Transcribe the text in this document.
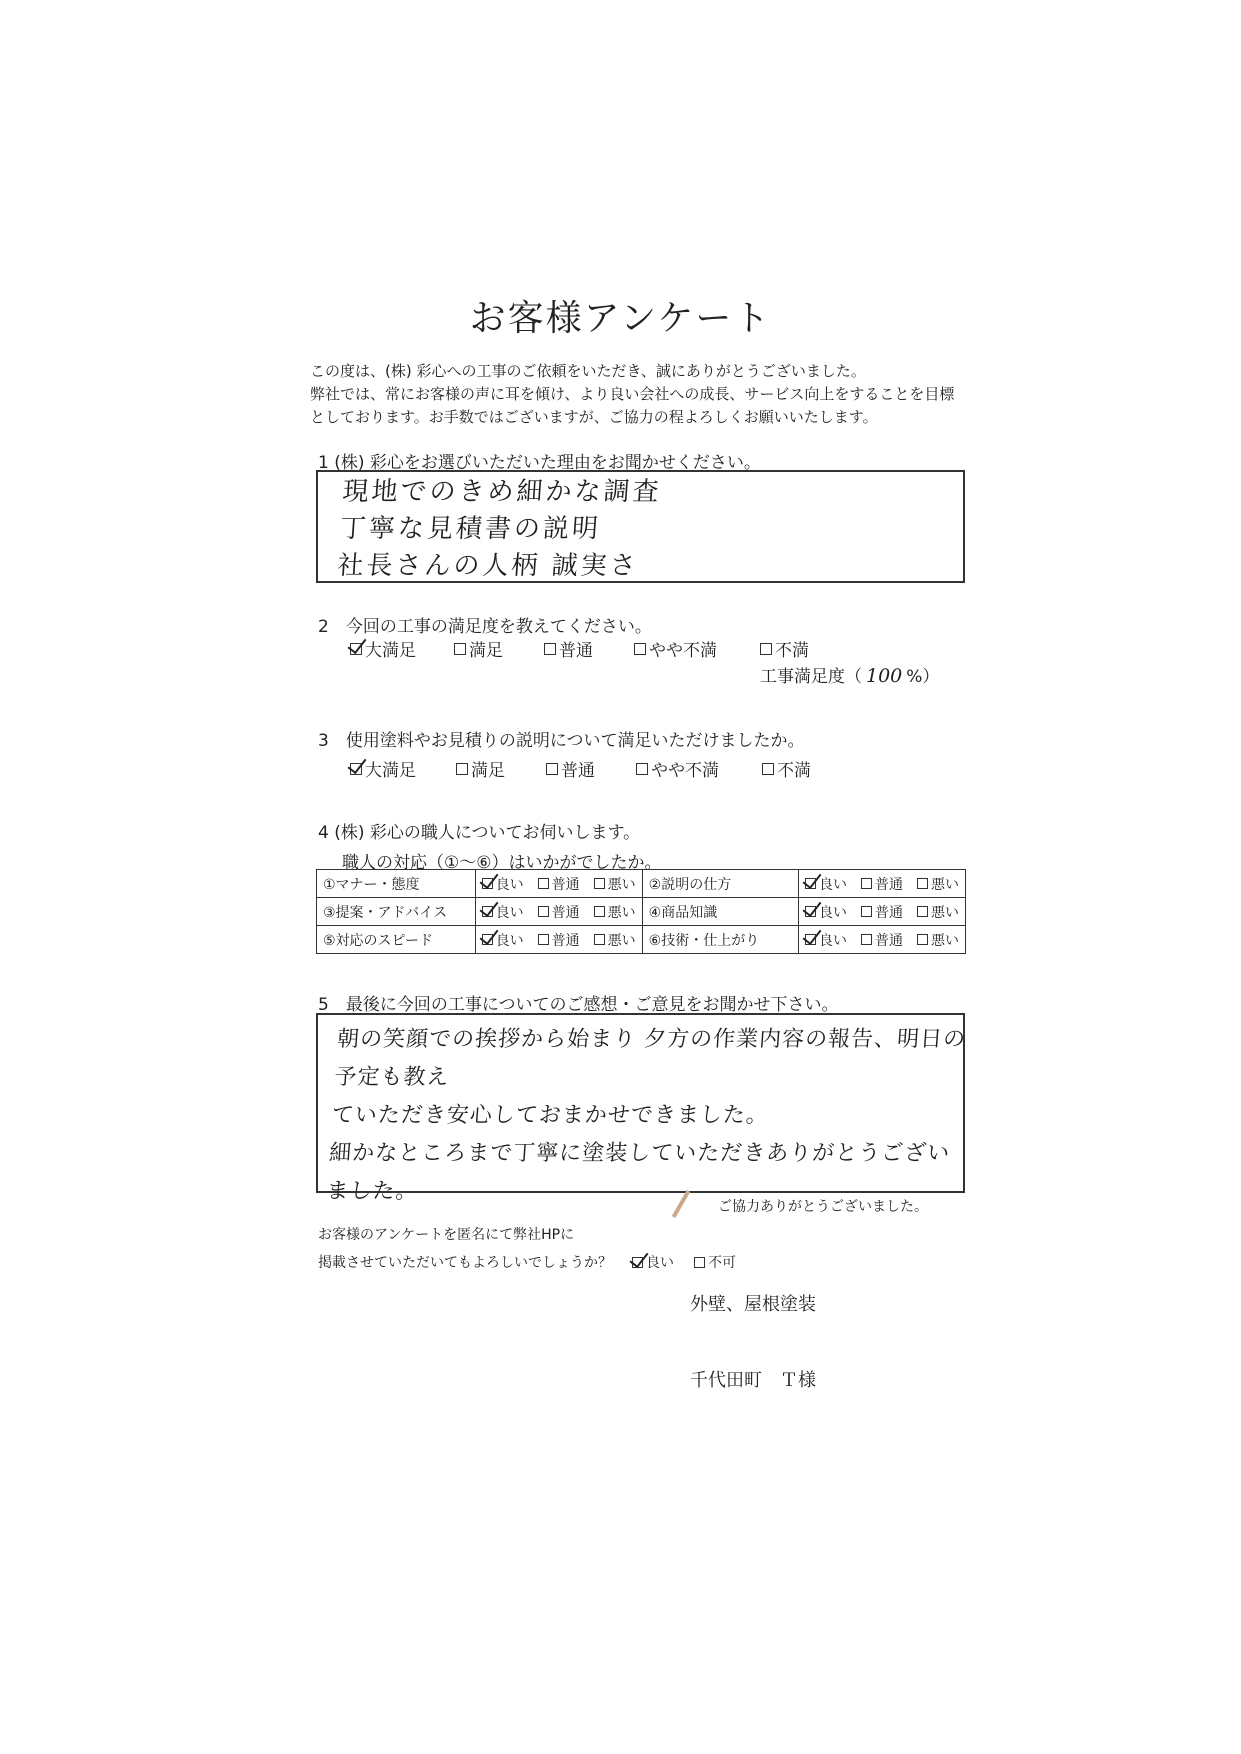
お客様アンケート
この度は、(株) 彩心への工事のご依頼をいただき、誠にありがとうございました。
弊社では、常にお客様の声に耳を傾け、より良い会社への成長、サービス向上をすることを目標
としております。お手数ではございますが、ご協力の程よろしくお願いいたします。
1 (株) 彩心をお選びいただいた理由をお聞かせください。
現地でのきめ細かな調査
丁寧な見積書の説明
社長さんの人柄 誠実さ
2　今回の工事の満足度を教えてください。
大満足	満足	普通	やや不満	不満
工事満足度（ 100 %）
3　使用塗料やお見積りの説明について満足いただけましたか。
大満足	満足	普通	やや不満	不満
4 (株) 彩心の職人についてお伺いします。
職人の対応（①～⑥）はいかがでしたか。
①マナー・態度	良い 普通 悪い	②説明の仕方	良い 普通 悪い

③提案・アドバイス	良い 普通 悪い	④商品知識	良い 普通 悪い

⑤対応のスピード	良い 普通 悪い	⑥技術・仕上がり	良い 普通 悪い
5　最後に今回の工事についてのご感想・ご意見をお聞かせ下さい。
朝の笑顔での挨拶から始まり 夕方の作業内容の報告、明日の予定も教え
ていただき安心しておまかせできました。
細かなところまで丁寧に塗装していただきありがとうございました。
ご協力ありがとうございました。
お客様のアンケートを匿名にて弊社HPに
掲載させていただいてもよろしいでしょうか？ 良い 不可
外壁、屋根塗装
千代田町　Ｔ様
